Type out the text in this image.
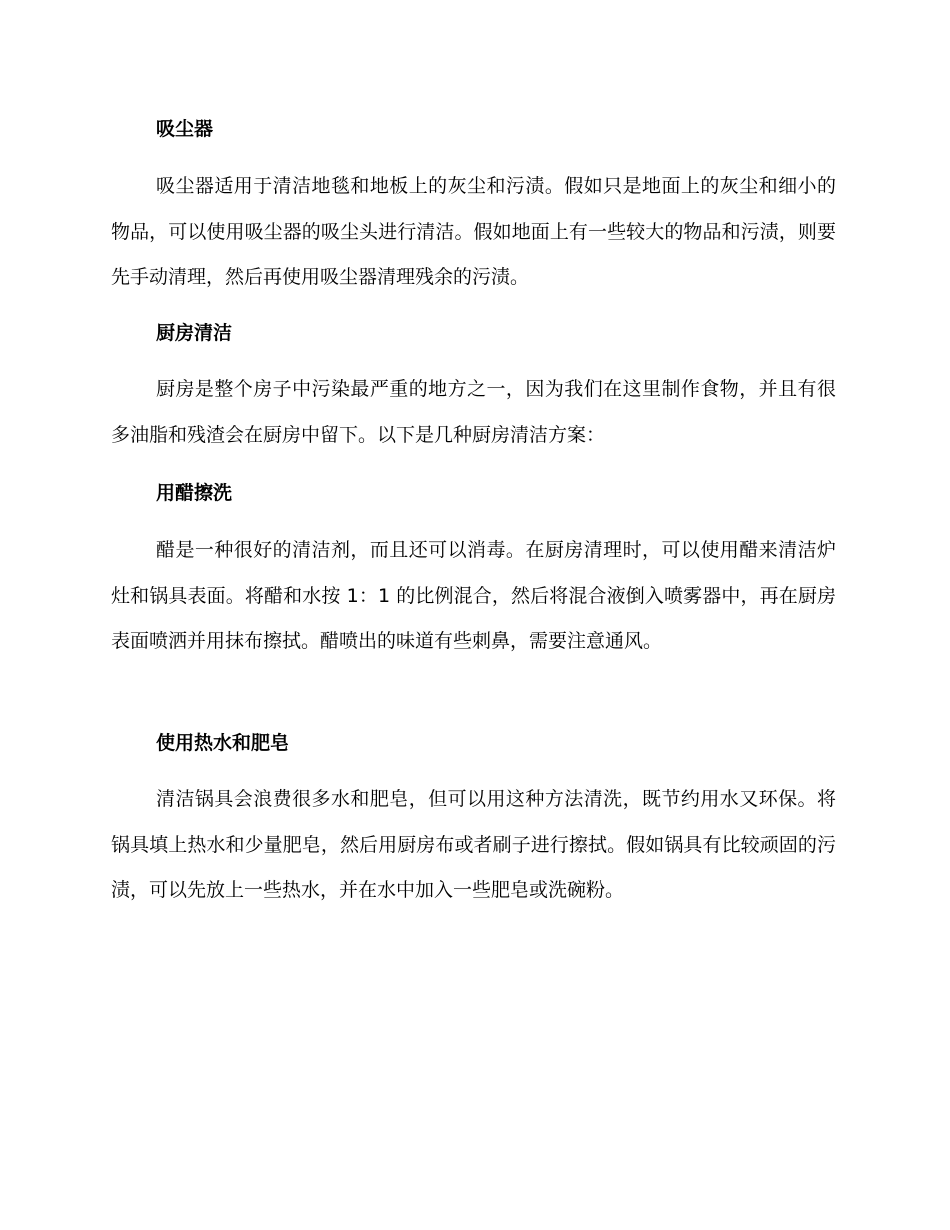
吸尘器

吸尘器适用于清洁地毯和地板上的灰尘和污渍。假如只是地面上的灰尘和细小的物品，可以使用吸尘器的吸尘头进行清洁。假如地面上有一些较大的物品和污渍，则要先手动清理，然后再使用吸尘器清理残余的污渍。

厨房清洁

厨房是整个房子中污染最严重的地方之一，因为我们在这里制作食物，并且有很多油脂和残渣会在厨房中留下。以下是几种厨房清洁方案：

用醋擦洗

醋是一种很好的清洁剂，而且还可以消毒。在厨房清理时，可以使用醋来清洁炉灶和锅具表面。将醋和水按 1：1 的比例混合，然后将混合液倒入喷雾器中，再在厨房表面喷洒并用抹布擦拭。醋喷出的味道有些刺鼻，需要注意通风。

使用热水和肥皂

清洁锅具会浪费很多水和肥皂，但可以用这种方法清洗，既节约用水又环保。将锅具填上热水和少量肥皂，然后用厨房布或者刷子进行擦拭。假如锅具有比较顽固的污渍，可以先放上一些热水，并在水中加入一些肥皂或洗碗粉。
